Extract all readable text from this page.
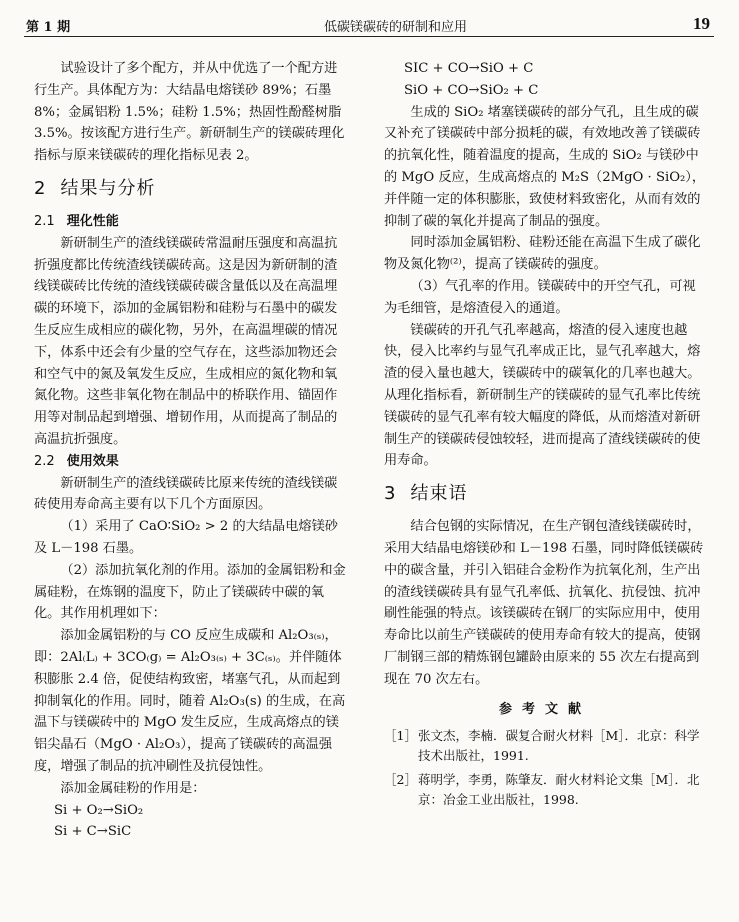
第 1 期	低碳镁碳砖的研制和应用	19

试验设计了多个配方，并从中优选了一个配方进行生产。具体配方为：大结晶电熔镁砂 89%；石墨 8%；金属铝粉 1.5%；硅粉 1.5%；热固性酚醛树脂 3.5%。按该配方进行生产。新研制生产的镁碳砖理化指标与原来镁碳砖的理化指标见表 2。

2 结果与分析
2.1 理化性能

新研制生产的渣线镁碳砖常温耐压强度和高温抗折强度都比传统渣线镁碳砖高。这是因为新研制的渣线镁碳砖比传统的渣线镁碳砖碳含量低以及在高温埋碳的环境下，添加的金属铝粉和硅粉与石墨中的碳发生反应生成相应的碳化物，另外，在高温埋碳的情况下，体系中还会有少量的空气存在，这些添加物还会和空气中的氮及氧发生反应，生成相应的氮化物和氧氮化物。这些非氧化物在制品中的桥联作用、锚固作用等对制品起到增强、增韧作用，从而提高了制品的高温抗折强度。

2.2 使用效果

新研制生产的渣线镁碳砖比原来传统的渣线镁碳砖使用寿命高主要有以下几个方面原因。

（1）采用了 CaO∶SiO₂ > 2 的大结晶电熔镁砂及 L－198 石墨。

（2）添加抗氧化剂的作用。添加的金属铝粉和金属硅粉，在炼钢的温度下，防止了镁碳砖中碳的氧化。其作用机理如下：

添加金属铝粉的与 CO 反应生成碳和 Al₂O₃₍ₛ₎，即：2Al₍L₎ + 3CO₍g₎ = Al₂O₃₍ₛ₎ + 3C₍ₛ₎。并伴随体积膨胀 2.4 倍，促使结构致密，堵塞气孔，从而起到抑制氧化的作用。同时，随着 Al₂O₃(s) 的生成，在高温下与镁碳砖中的 MgO 发生反应，生成高熔点的镁铝尖晶石（MgO · Al₂O₃），提高了镁碳砖的高温强度，增强了制品的抗冲刷性及抗侵蚀性。

添加金属硅粉的作用是：

Si + O₂→SiO₂
Si + C→SiC
SIC + CO→SiO + C
SiO + CO→SiO₂ + C

生成的 SiO₂ 堵塞镁碳砖的部分气孔，且生成的碳又补充了镁碳砖中部分损耗的碳，有效地改善了镁碳砖的抗氧化性，随着温度的提高，生成的 SiO₂ 与镁砂中的 MgO 反应，生成高熔点的 M₂S（2MgO · SiO₂），并伴随一定的体积膨胀，致使材料致密化，从而有效的抑制了碳的氧化并提高了制品的强度。

同时添加金属铝粉、硅粉还能在高温下生成了碳化物及氮化物⁽²⁾，提高了镁碳砖的强度。

（3）气孔率的作用。镁碳砖中的开空气孔，可视为毛细管，是熔渣侵入的通道。

镁碳砖的开孔气孔率越高，熔渣的侵入速度也越快，侵入比率约与显气孔率成正比，显气孔率越大，熔渣的侵入量也越大，镁碳砖中的碳氧化的几率也越大。从理化指标看，新研制生产的镁碳砖的显气孔率比传统镁碳砖的显气孔率有较大幅度的降低，从而熔渣对新研制生产的镁碳砖侵蚀较轻，进而提高了渣线镁碳砖的使用寿命。

3 结束语

结合包钢的实际情况，在生产钢包渣线镁碳砖时，采用大结晶电熔镁砂和 L－198 石墨，同时降低镁碳砖中的碳含量，并引入铝硅合金粉作为抗氧化剂，生产出的渣线镁碳砖具有显气孔率低、抗氧化、抗侵蚀、抗冲刷性能强的特点。该镁碳砖在钢厂的实际应用中，使用寿命比以前生产镁碳砖的使用寿命有较大的提高，使钢厂制钢三部的精炼钢包罐龄由原来的 55 次左右提高到现在 70 次左右。

参考文献
［1］ 张文杰，李楠．碳复合耐火材料［M］．北京：科学技术出版社，1991.
［2］ 蒋明学，李勇，陈肇友．耐火材料论文集［M］．北京：冶金工业出版社，1998.
